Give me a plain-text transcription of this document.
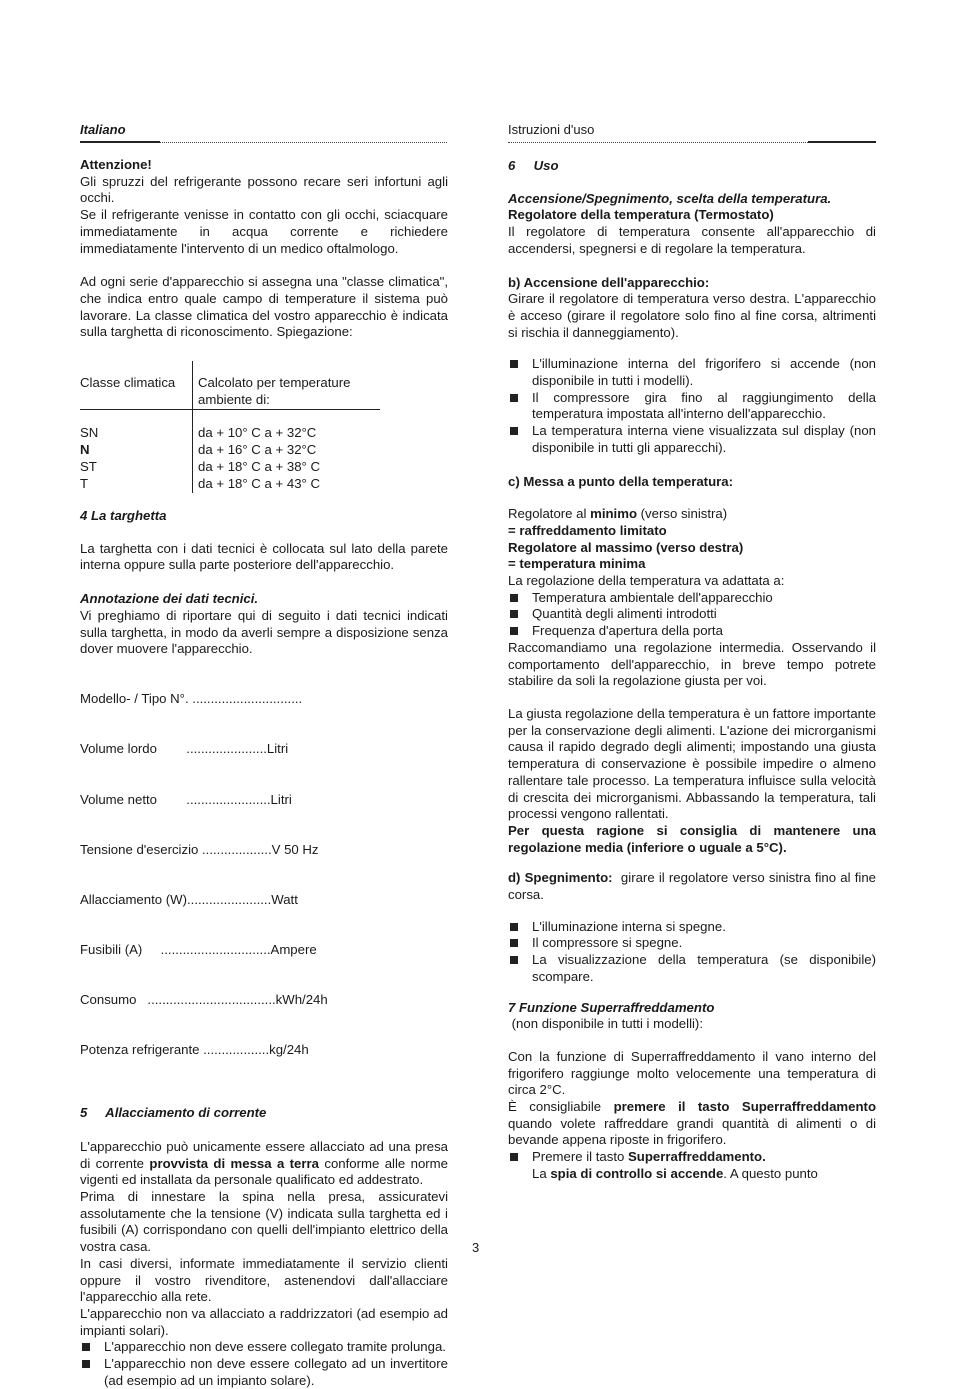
Italiano	Istruzioni d'uso
Attenzione!
Gli spruzzi del refrigerante possono recare seri infortuni agli occhi.
Se il refrigerante venisse in contatto con gli occhi, sciacquare immediatamente in acqua corrente e richiedere immediatamente l'intervento di un medico oftalmologo.
Ad ogni serie d'apparecchio si assegna una "classe climatica", che indica entro quale campo di temperature il sistema può lavorare. La classe climatica del vostro apparecchio è indicata sulla targhetta di riconoscimento. Spiegazione:
Classe climatica	Calcolato per temperature ambiente di:
SN	da + 10° C a + 32°C
N	da + 16° C a + 32°C
ST	da + 18° C a + 38° C
T	da + 18° C a + 43° C
4 La targhetta
La targhetta con i dati tecnici è collocata sul lato della parete interna oppure sulla parte posteriore dell'apparecchio.
Annotazione dei dati tecnici.
Vi preghiamo di riportare qui di seguito i dati tecnici indicati sulla targhetta, in modo da averli sempre a disposizione senza dover muovere l'apparecchio.

Modello- / Tipo N°. ..............................

Volume lordo        ......................Litri

Volume netto        .......................Litri

Tensione d'esercizio ...................V 50 Hz

Allacciamento (W).......................Watt

Fusibili (A)     ..............................Ampere

Consumo   ...................................kWh/24h

Potenza refrigerante ..................kg/24h

5     Allacciamento di corrente
L'apparecchio può unicamente essere allacciato ad una presa di corrente provvista di messa a terra conforme alle norme vigenti ed installata da personale qualificato ed addestrato.
Prima di innestare la spina nella presa, assicuratevi assolutamente che la tensione (V) indicata sulla targhetta ed i fusibili (A) corrispondano con quelli dell'impianto elettrico della vostra casa.
In casi diversi, informate immediatamente il servizio clienti oppure il vostro rivenditore, astenendovi dall'allacciare l'apparecchio alla rete.
L'apparecchio non va allacciato a raddrizzatori (ad esempio ad impianti solari).
L'apparecchio non deve essere collegato tramite prolunga.
L'apparecchio non deve essere collegato ad un invertitore (ad esempio ad un impianto solare).
6     Uso
Accensione/Spegnimento, scelta della temperatura.
Regolatore della temperatura (Termostato)
Il regolatore di temperatura consente all'apparecchio di accendersi, spegnersi e di regolare la temperatura.
b) Accensione dell'apparecchio:
Girare il regolatore di temperatura verso destra. L'apparecchio è acceso (girare il regolatore solo fino al fine corsa, altrimenti si rischia il danneggiamento).
L'illuminazione interna del frigorifero si accende (non disponibile in tutti i modelli).
Il compressore gira fino al raggiungimento della temperatura impostata all'interno dell'apparecchio.
La temperatura interna viene visualizzata sul display (non disponibile in tutti gli apparecchi).
c) Messa a punto della temperatura:
Regolatore al minimo (verso sinistra)
= raffreddamento limitato
Regolatore al massimo (verso destra)
= temperatura minima
La regolazione della temperatura va adattata a:
Temperatura ambientale dell'apparecchio
Quantità degli alimenti introdotti
Frequenza d'apertura della porta
Raccomandiamo una regolazione intermedia. Osservando il comportamento dell'apparecchio, in breve tempo potrete stabilire da soli la regolazione giusta per voi.
La giusta regolazione della temperatura è un fattore importante per la conservazione degli alimenti. L'azione dei microrganismi causa il rapido degrado degli alimenti; impostando una giusta temperatura di conservazione è possibile impedire o almeno rallentare tale processo. La temperatura influisce sulla velocità di crescita dei microrganismi. Abbassando la temperatura, tali processi vengono rallentati.
Per questa ragione si consiglia di mantenere una regolazione media (inferiore o uguale a 5°C).
d) Spegnimento:  girare il regolatore verso sinistra fino al fine corsa.
L'illuminazione interna si spegne.
Il compressore si spegne.
La visualizzazione della temperatura (se disponibile) scompare.
7 Funzione Superraffreddamento
(non disponibile in tutti i modelli):
Con la funzione di Superraffreddamento il vano interno del frigorifero raggiunge molto velocemente una temperatura di circa 2°C.
È consigliabile premere il tasto Superraffreddamento quando volete raffreddare grandi quantità di alimenti o di bevande appena riposte in frigorifero.
Premere il tasto Superraffreddamento.
La spia di controllo si accende. A questo punto
3
